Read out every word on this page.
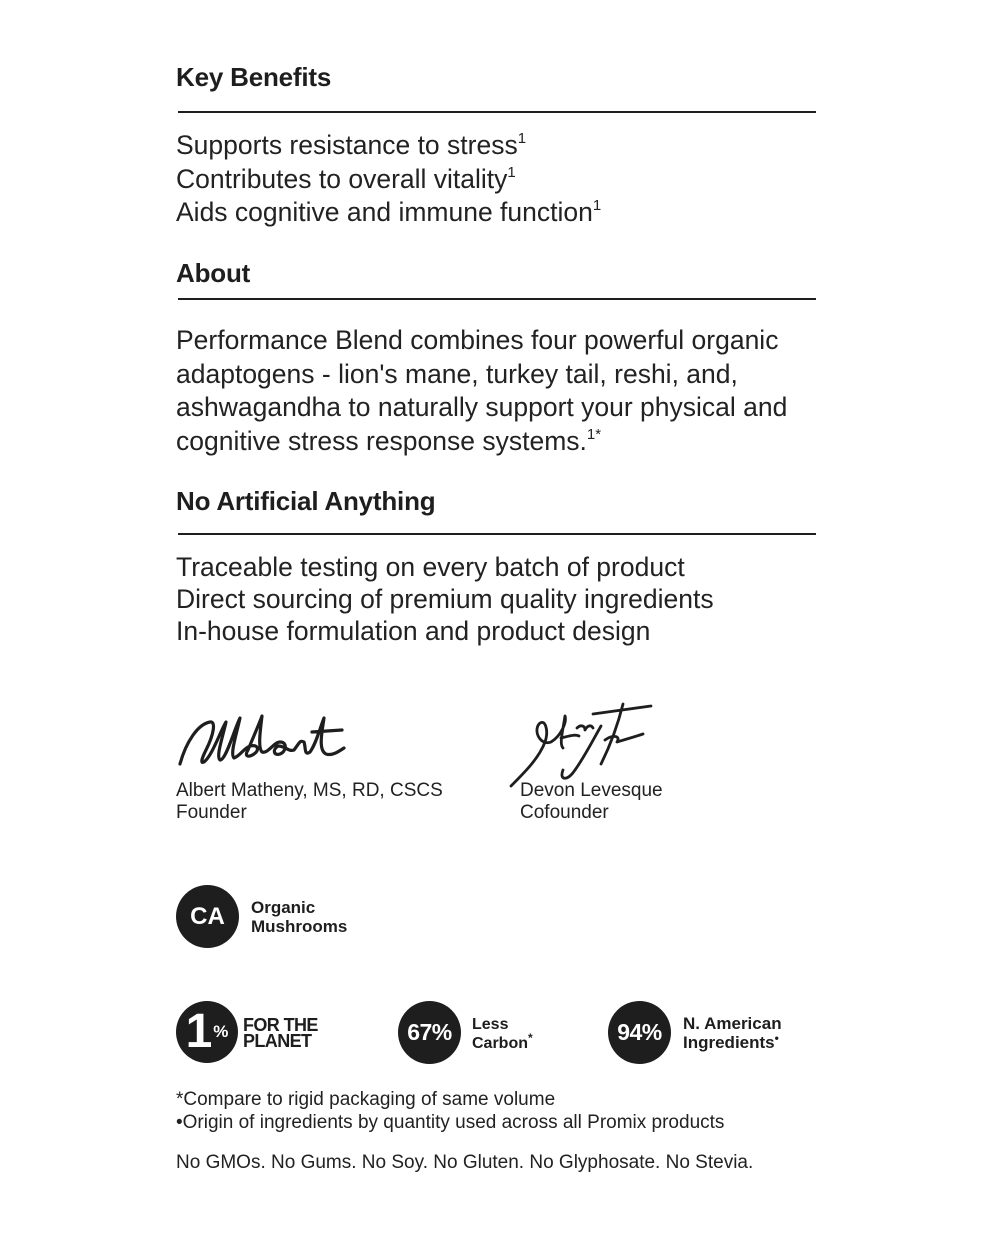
Key Benefits
Supports resistance to stress$^1$
Contributes to overall vitality$^1$
Aids cognitive and immune function$^1$
About
Performance Blend combines four powerful organic adaptogens - lion's mane, turkey tail, reshi, and, ashwagandha to naturally support your physical and cognitive stress response systems.$^{1*}$
No Artificial Anything
Traceable testing on every batch of product
Direct sourcing of premium quality ingredients
In-house formulation and product design
Albert Matheny, MS, RD, CSCS
Founder
Devon Levesque
Cofounder
CA	Organic
Mushrooms
1 % FOR THE
PLANET	67%	Less
Carbon*	94%	N. American
Ingredients•
*Compare to rigid packaging of same volume
•Origin of ingredients by quantity used across all Promix products
No GMOs. No Gums. No Soy. No Gluten. No Glyphosate. No Stevia.
